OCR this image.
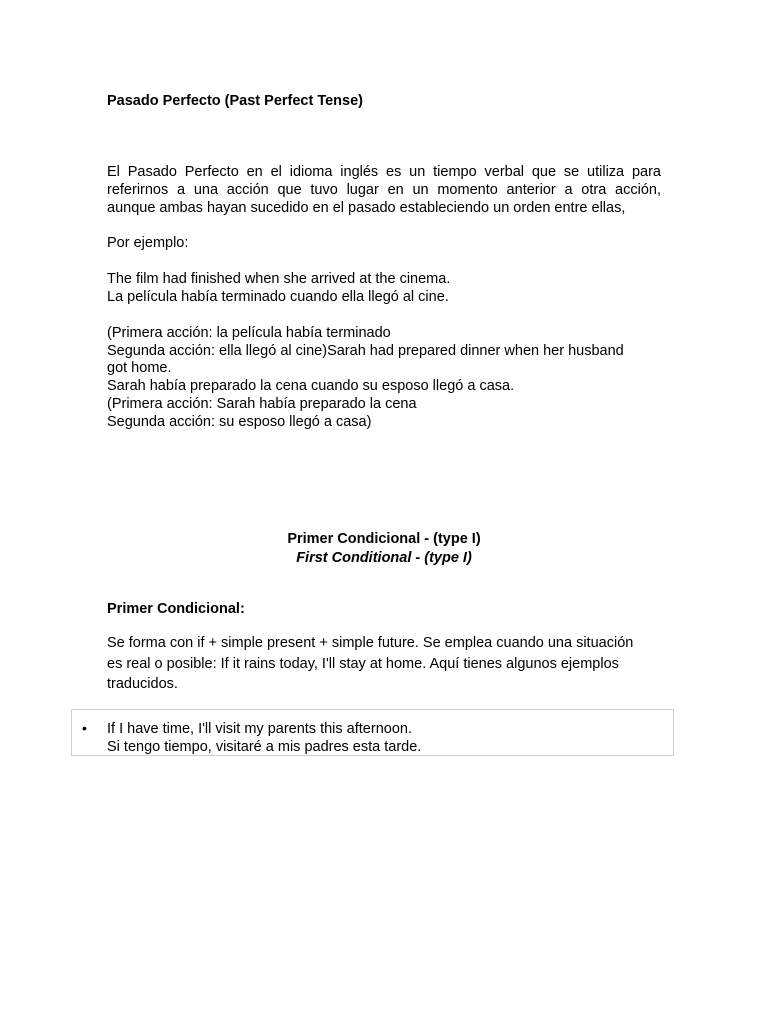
Pasado Perfecto (Past Perfect Tense)
El Pasado Perfecto en el idioma inglés es un tiempo verbal que se utiliza para
referirnos a una acción que tuvo lugar en un momento anterior a otra acción,
aunque ambas hayan sucedido en el pasado estableciendo un orden entre ellas,
Por ejemplo:
The film had finished when she arrived at the cinema.
La película había terminado cuando ella llegó al cine.
(Primera acción: la película había terminado
Segunda acción: ella llegó al cine)Sarah had prepared dinner when her husband
got home.
Sarah había preparado la cena cuando su esposo llegó a casa.
(Primera acción: Sarah había preparado la cena
Segunda acción: su esposo llegó a casa)
Primer Condicional - (type I)
First Conditional - (type I)
Primer Condicional:
Se forma con if + simple present + simple future. Se emplea cuando una situación
es real o posible: If it rains today, I'll stay at home. Aquí tienes algunos ejemplos
traducidos.
• If I have time, I'll visit my parents this afternoon.
Si tengo tiempo, visitaré a mis padres esta tarde.
